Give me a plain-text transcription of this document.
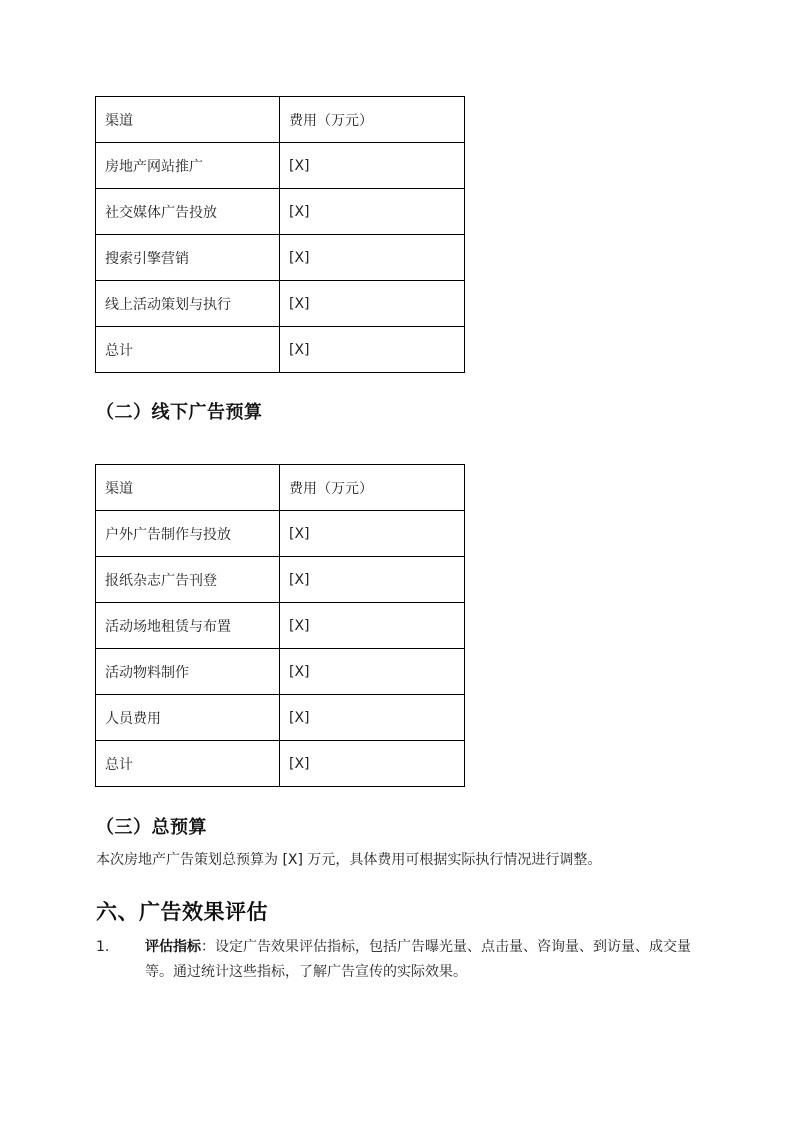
渠道	费用（万元）
房地产网站推广	[X]
社交媒体广告投放	[X]
搜索引擎营销	[X]
线上活动策划与执行	[X]
总计	[X]
（二）线下广告预算
渠道	费用（万元）
户外广告制作与投放	[X]
报纸杂志广告刊登	[X]
活动场地租赁与布置	[X]
活动物料制作	[X]
人员费用	[X]
总计	[X]
（三）总预算

本次房地产广告策划总预算为 [X] 万元，具体费用可根据实际执行情况进行调整。

六、广告效果评估
1.	评估指标：设定广告效果评估指标，包括广告曝光量、点击量、咨询量、到访量、成交量等。通过统计这些指标，了解广告宣传的实际效果。
